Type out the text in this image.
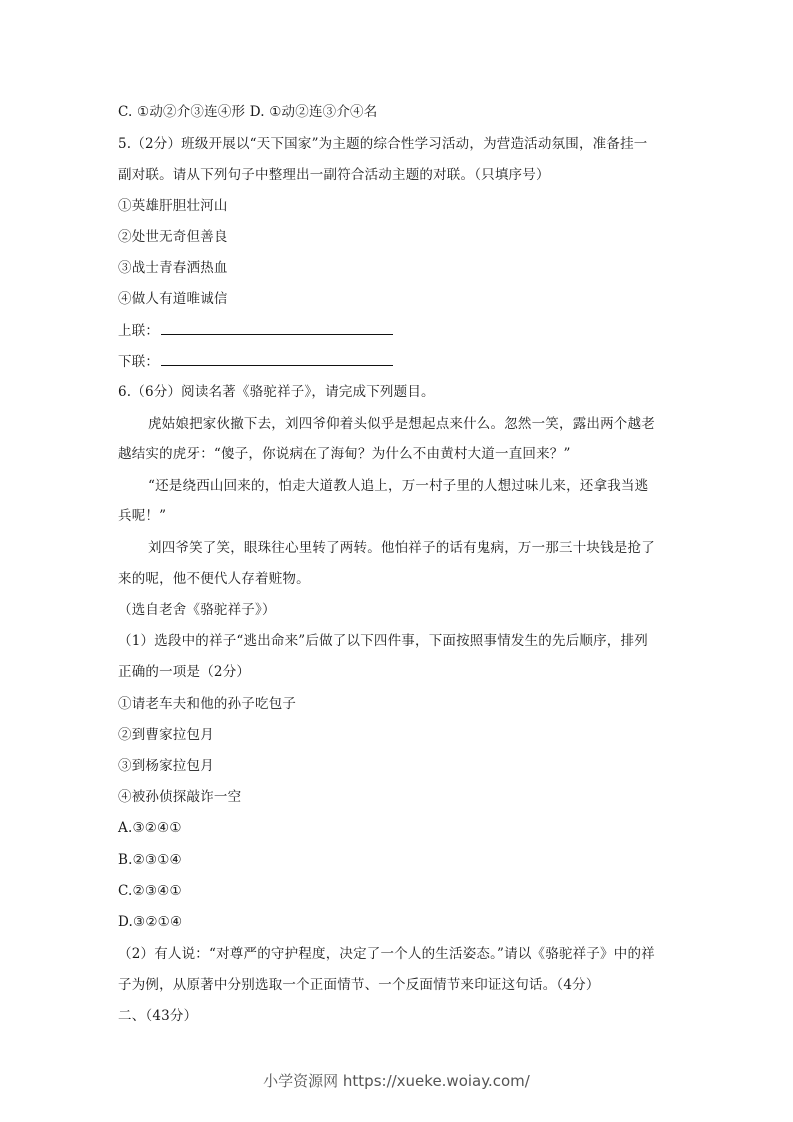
C. ①动②介③连④形 D. ①动②连③介④名
5.（2分）班级开展以“天下国家”为主题的综合性学习活动，为营造活动氛围，准备挂一
副对联。请从下列句子中整理出一副符合活动主题的对联。（只填序号）
①英雄肝胆壮河山
②处世无奇但善良
③战士青春洒热血
④做人有道唯诚信
上联：
下联：
6.（6分）阅读名著《骆驼祥子》，请完成下列题目。
虎姑娘把家伙撤下去，刘四爷仰着头似乎是想起点来什么。忽然一笑，露出两个越老
越结实的虎牙：“傻子，你说病在了海甸？为什么不由黄村大道一直回来？”
“还是绕西山回来的，怕走大道教人追上，万一村子里的人想过味儿来，还拿我当逃
兵呢！”
刘四爷笑了笑，眼珠往心里转了两转。他怕祥子的话有鬼病，万一那三十块钱是抢了
来的呢，他不便代人存着赃物。
（选自老舍《骆驼祥子》）
（1）选段中的祥子“逃出命来”后做了以下四件事，下面按照事情发生的先后顺序，排列
正确的一项是（2分）
①请老车夫和他的孙子吃包子
②到曹家拉包月
③到杨家拉包月
④被孙侦探敲诈一空
A.③②④①
B.②③①④
C.②③④①
D.③②①④
（2）有人说：“对尊严的守护程度，决定了一个人的生活姿态。”请以《骆驼祥子》中的祥
子为例，从原著中分别选取一个正面情节、一个反面情节来印证这句话。（4分）
二、（43分）
小学资源网 https://xueke.woiay.com/
